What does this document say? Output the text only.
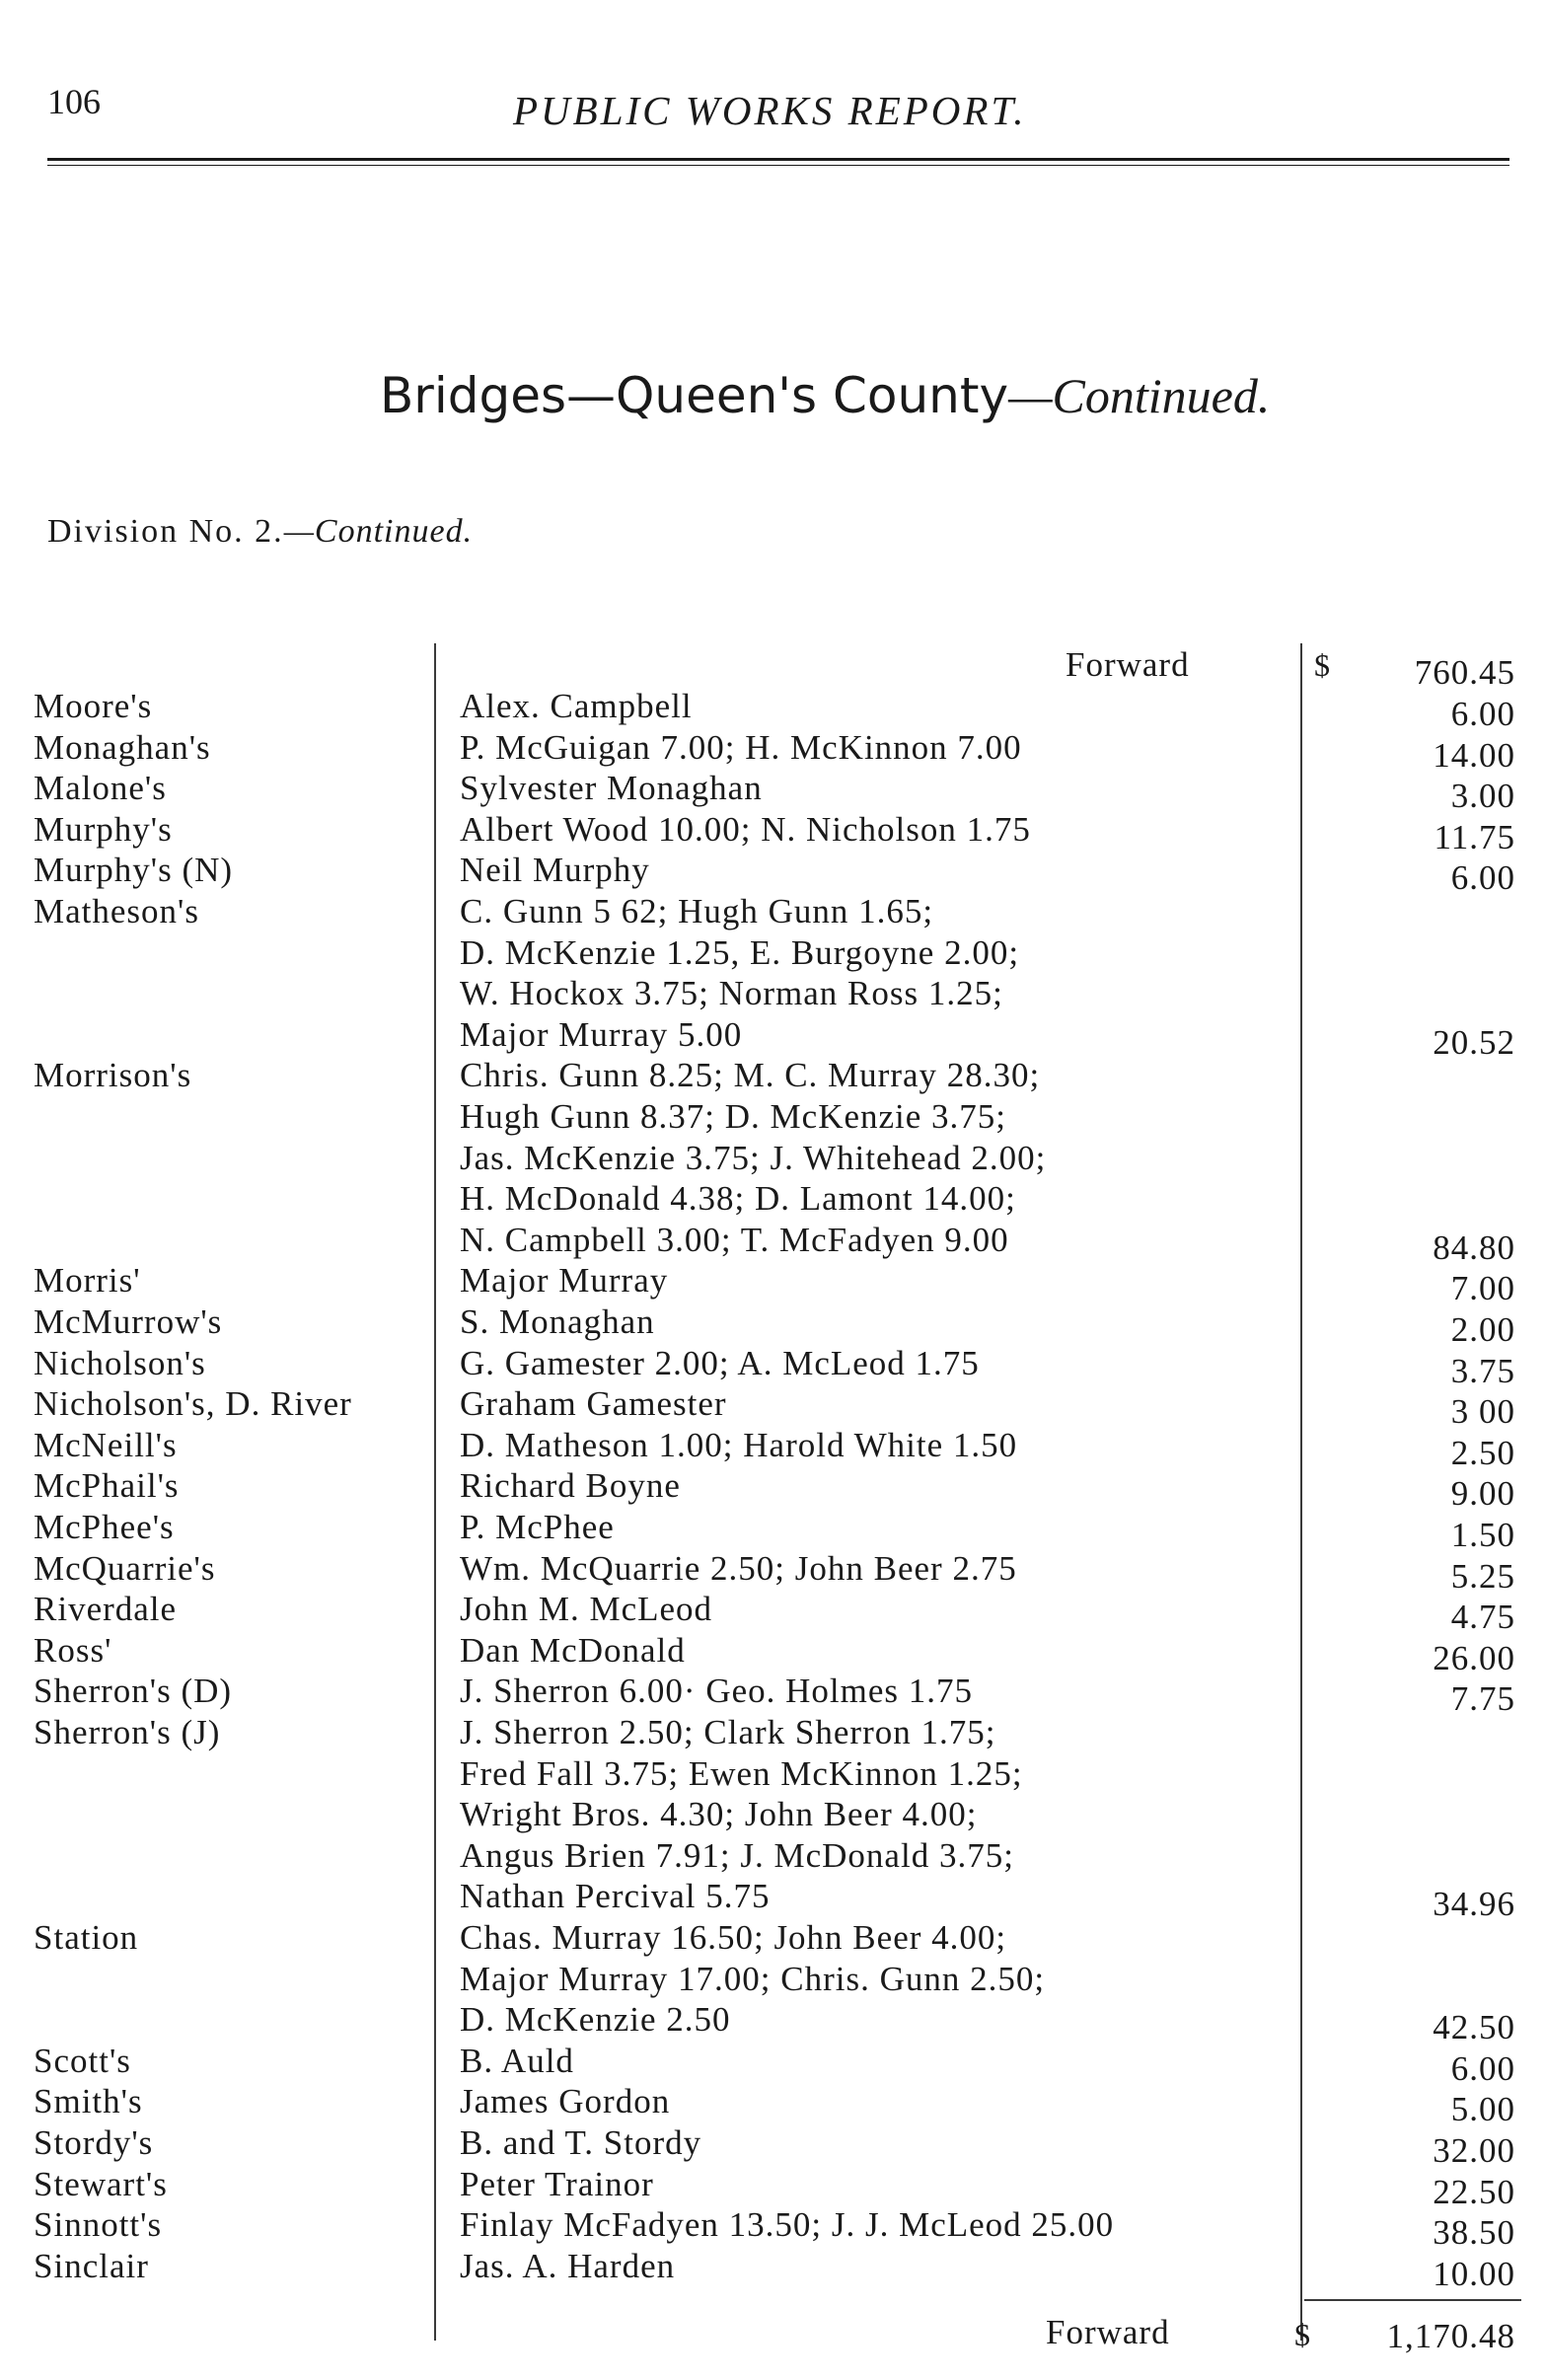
106	PUBLIC WORKS REPORT.
Bridges—Queen's County—Continued.
Division No. 2.—Continued.
Forward	$ 760.45
Moore's	Alex. Campbell	6.00
Monaghan's	P. McGuigan 7.00; H. McKinnon 7.00	14.00
Malone's	Sylvester Monaghan	3.00
Murphy's	Albert Wood 10.00; N. Nicholson 1.75	11.75
Murphy's (N)	Neil Murphy	6.00
Matheson's	C. Gunn 5 62; Hugh Gunn 1.65;
D. McKenzie 1.25, E. Burgoyne 2.00;
W. Hockox 3.75; Norman Ross 1.25;
Major Murray 5.00	20.52
Morrison's	Chris. Gunn 8.25; M. C. Murray 28.30;
Hugh Gunn 8.37; D. McKenzie 3.75;
Jas. McKenzie 3.75; J. Whitehead 2.00;
H. McDonald 4.38; D. Lamont 14.00;
N. Campbell 3.00; T. McFadyen 9.00	84.80
Morris'	Major Murray	7.00
McMurrow's	S. Monaghan	2.00
Nicholson's	G. Gamester 2.00; A. McLeod 1.75	3.75
Nicholson's, D. River	Graham Gamester	3 00
McNeill's	D. Matheson 1.00; Harold White 1.50	2.50
McPhail's	Richard Boyne	9.00
McPhee's	P. McPhee	1.50
McQuarrie's	Wm. McQuarrie 2.50; John Beer 2.75	5.25
Riverdale	John M. McLeod	4.75
Ross'	Dan McDonald	26.00
Sherron's (D)	J. Sherron 6.00· Geo. Holmes 1.75	7.75
Sherron's (J)	J. Sherron 2.50; Clark Sherron 1.75;
Fred Fall 3.75; Ewen McKinnon 1.25;
Wright Bros. 4.30; John Beer 4.00;
Angus Brien 7.91; J. McDonald 3.75;
Nathan Percival 5.75	34.96
Station	Chas. Murray 16.50; John Beer 4.00;
Major Murray 17.00; Chris. Gunn 2.50;
D. McKenzie 2.50	42.50
Scott's	B. Auld	6.00
Smith's	James Gordon	5.00
Stordy's	B. and T. Stordy	32.00
Stewart's	Peter Trainor	22.50
Sinnott's	Finlay McFadyen 13.50; J. J. McLeod 25.00	38.50
Sinclair	Jas. A. Harden	10.00
Forward	$ 1,170.48
